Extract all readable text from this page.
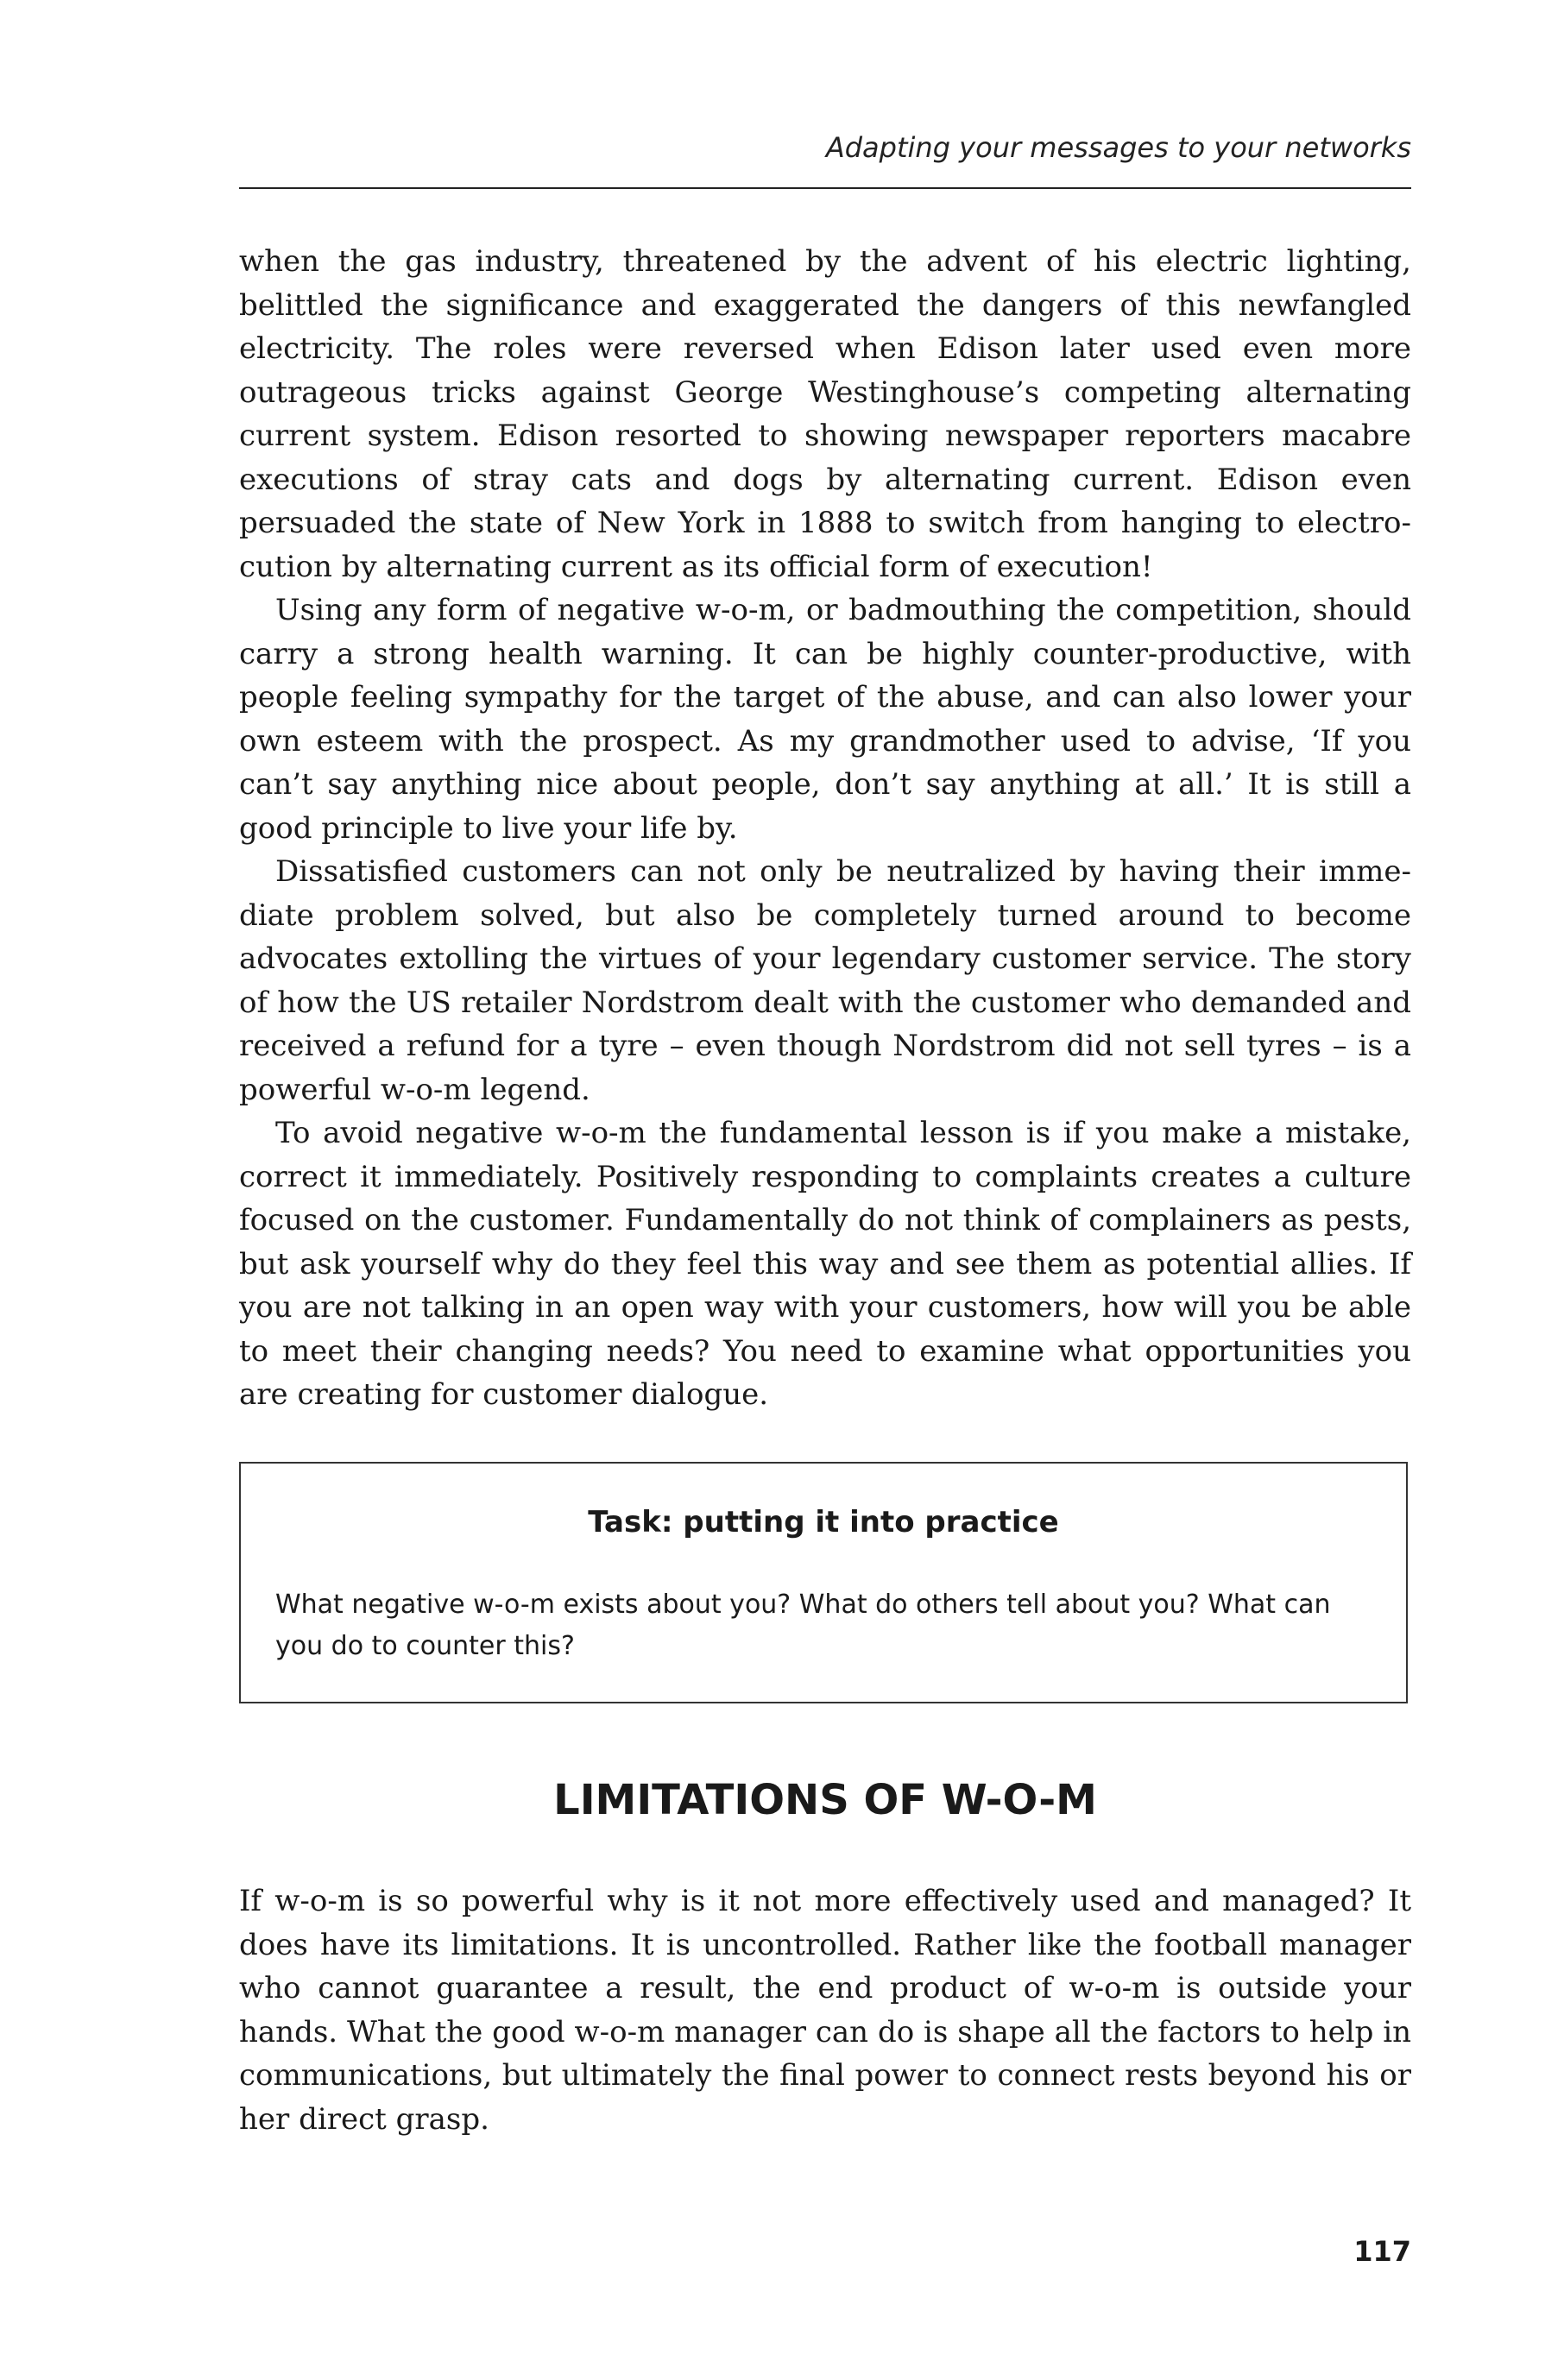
Adapting your messages to your networks

when the gas industry, threatened by the advent of his electric lighting, belittled the significance and exaggerated the dangers of this newfangled electricity. The roles were reversed when Edison later used even more outrageous tricks against George Westinghouse’s competing alternating current system. Edison resorted to showing newspaper reporters macabre executions of stray cats and dogs by alternating current. Edison even persuaded the state of New York in 1888 to switch from hanging to electrocution by alternating current as its official form of execution!

Using any form of negative w-o-m, or badmouthing the competition, should carry a strong health warning. It can be highly counter-productive, with people feeling sympathy for the target of the abuse, and can also lower your own esteem with the prospect. As my grandmother used to advise, ‘If you can’t say anything nice about people, don’t say anything at all.’ It is still a good principle to live your life by.

Dissatisfied customers can not only be neutralized by having their immediate problem solved, but also be completely turned around to become advocates extolling the virtues of your legendary customer service. The story of how the US retailer Nordstrom dealt with the customer who demanded and received a refund for a tyre – even though Nordstrom did not sell tyres – is a powerful w-o-m legend.

To avoid negative w-o-m the fundamental lesson is if you make a mistake, correct it immediately. Positively responding to complaints creates a culture focused on the customer. Fundamentally do not think of complainers as pests, but ask yourself why do they feel this way and see them as potential allies. If you are not talking in an open way with your customers, how will you be able to meet their changing needs? You need to examine what opportunities you are creating for customer dialogue.

Task: putting it into practice
What negative w-o-m exists about you? What do others tell about you? What can you do to counter this?
LIMITATIONS OF W-O-M

If w-o-m is so powerful why is it not more effectively used and managed? It does have its limitations. It is uncontrolled. Rather like the football manager who cannot guarantee a result, the end product of w-o-m is outside your hands. What the good w-o-m manager can do is shape all the factors to help in communications, but ultimately the final power to connect rests beyond his or her direct grasp.

117
